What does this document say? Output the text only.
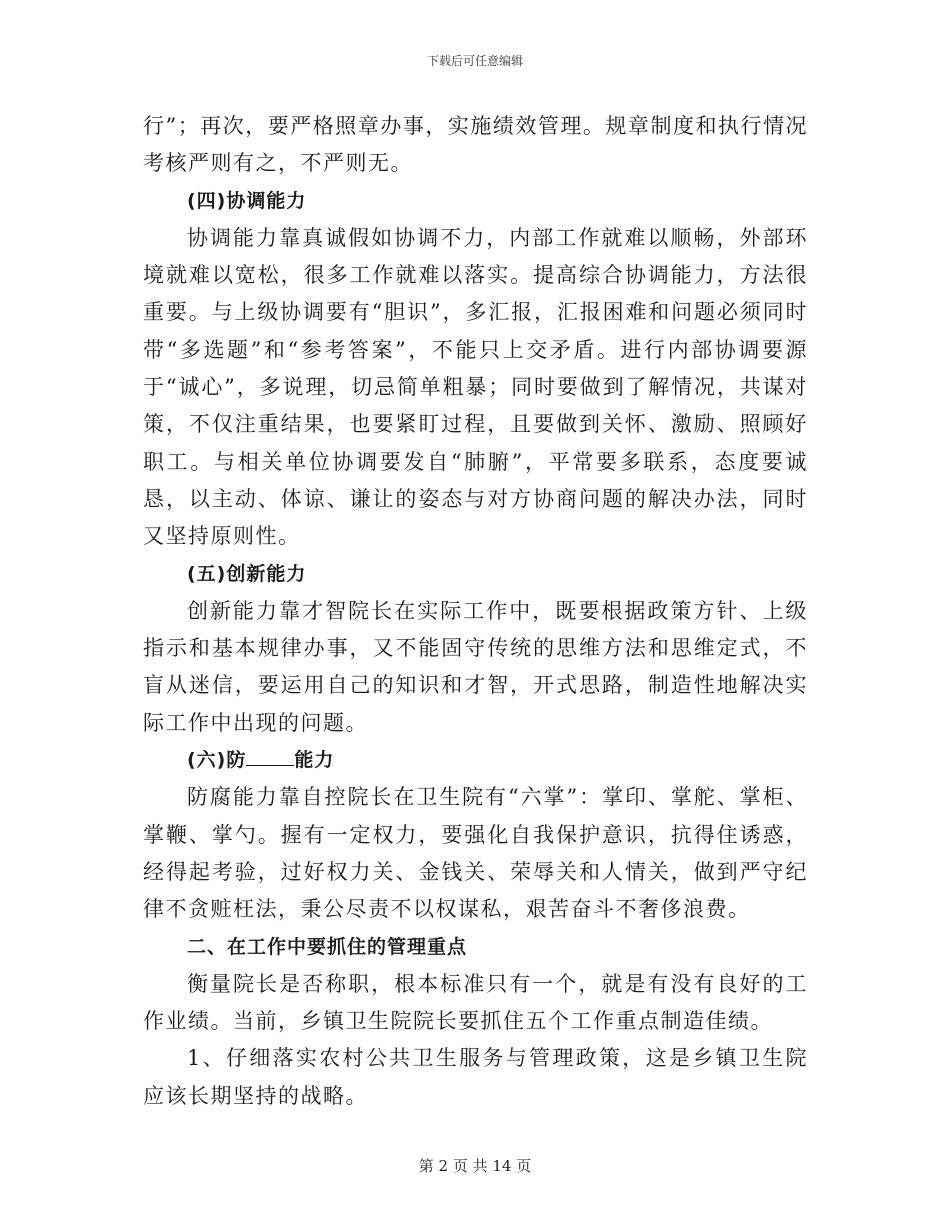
下载后可任意编辑

行”；再次，要严格照章办事，实施绩效管理。规章制度和执行情况考核严则有之，不严则无。

(四)协调能力

协调能力靠真诚假如协调不力，内部工作就难以顺畅，外部环境就难以宽松，很多工作就难以落实。提高综合协调能力，方法很重要。与上级协调要有“胆识”，多汇报，汇报困难和问题必须同时带“多选题”和“参考答案”，不能只上交矛盾。进行内部协调要源于“诚心”，多说理，切忌简单粗暴；同时要做到了解情况，共谋对策，不仅注重结果，也要紧盯过程，且要做到关怀、激励、照顾好职工。与相关单位协调要发自“肺腑”，平常要多联系，态度要诚恳，以主动、体谅、谦让的姿态与对方协商问题的解决办法，同时又坚持原则性。

(五)创新能力

创新能力靠才智院长在实际工作中，既要根据政策方针、上级指示和基本规律办事，又不能固守传统的思维方法和思维定式，不盲从迷信，要运用自己的知识和才智，开式思路，制造性地解决实际工作中出现的问题。

(六)防	能力

防腐能力靠自控院长在卫生院有“六掌”：掌印、掌舵、掌柜、掌鞭、掌勺。握有一定权力，要强化自我保护意识，抗得住诱惑，经得起考验，过好权力关、金钱关、荣辱关和人情关，做到严守纪律不贪赃枉法，秉公尽责不以权谋私，艰苦奋斗不奢侈浪费。

二、在工作中要抓住的管理重点

衡量院长是否称职，根本标准只有一个，就是有没有良好的工作业绩。当前，乡镇卫生院院长要抓住五个工作重点制造佳绩。

1、仔细落实农村公共卫生服务与管理政策，这是乡镇卫生院应该长期坚持的战略。

第 2 页 共 14 页
